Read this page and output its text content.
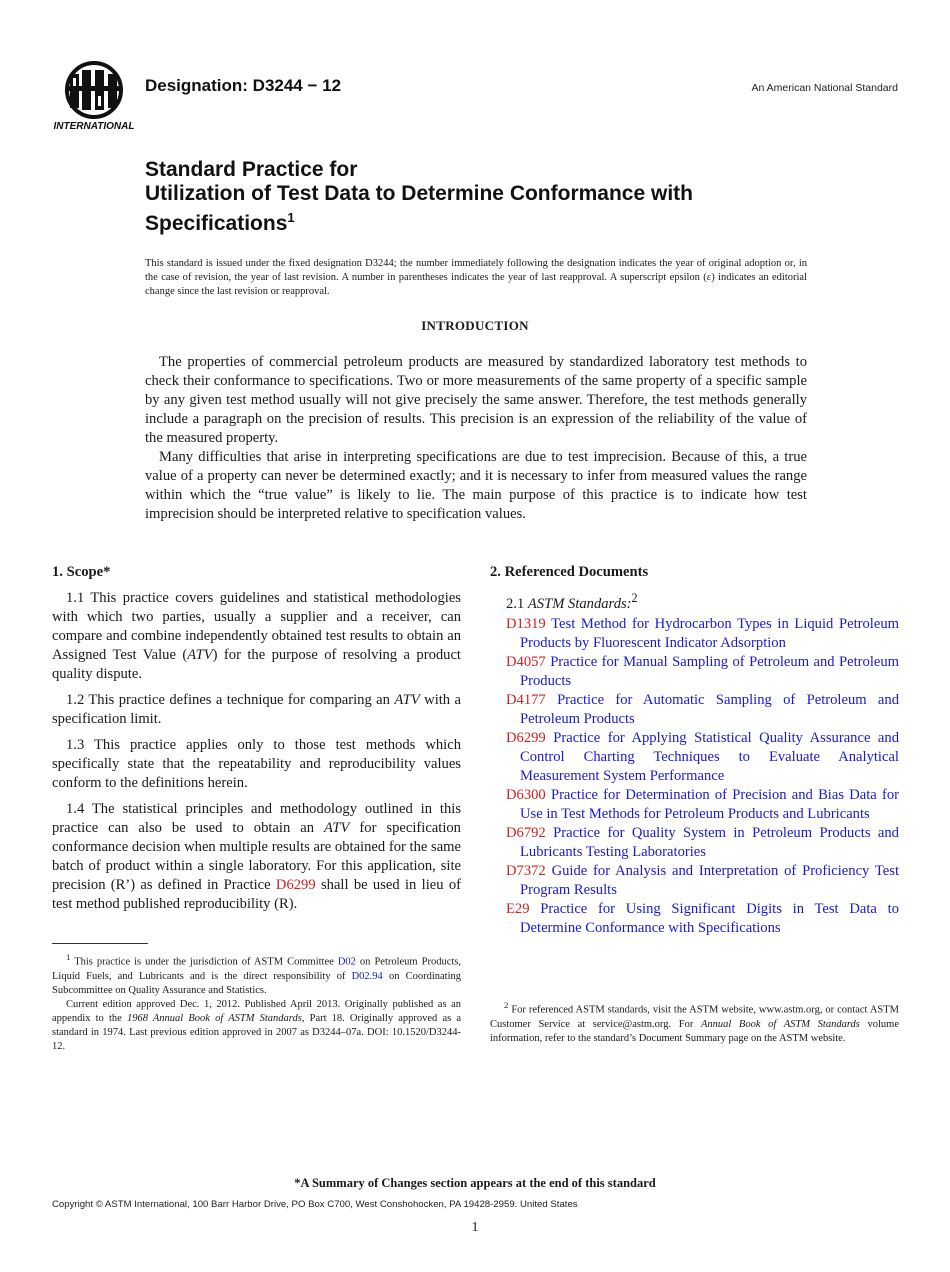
INTERNATIONAL
Designation: D3244 − 12	An American National Standard
Standard Practice for
Utilization of Test Data to Determine Conformance with
Specifications$^1$
This standard is issued under the fixed designation D3244; the number immediately following the designation indicates the year of original adoption or, in the case of revision, the year of last revision. A number in parentheses indicates the year of last reapproval. A superscript epsilon (ε) indicates an editorial change since the last revision or reapproval.
INTRODUCTION

The properties of commercial petroleum products are measured by standardized laboratory test methods to check their conformance to specifications. Two or more measurements of the same property of a specific sample by any given test method usually will not give precisely the same answer. Therefore, the test methods generally include a paragraph on the precision of results. This precision is an expression of the reliability of the value of the measured property.

Many difficulties that arise in interpreting specifications are due to test imprecision. Because of this, a true value of a property can never be determined exactly; and it is necessary to infer from measured values the range within which the “true value” is likely to lie. The main purpose of this practice is to indicate how test imprecision should be interpreted relative to specification values.

1. Scope*

1.1 This practice covers guidelines and statistical methodologies with which two parties, usually a supplier and a receiver, can compare and combine independently obtained test results to obtain an Assigned Test Value (ATV) for the purpose of resolving a product quality dispute.

1.2 This practice defines a technique for comparing an ATV with a specification limit.

1.3 This practice applies only to those test methods which specifically state that the repeatability and reproducibility values conform to the definitions herein.

1.4 The statistical principles and methodology outlined in this practice can also be used to obtain an ATV for specification conformance decision when multiple results are obtained for the same batch of product within a single laboratory. For this application, site precision (R’) as defined in Practice D6299 shall be used in lieu of test method published reproducibility (R).

2. Referenced Documents

2.1 ASTM Standards:$^2$

D1319 Test Method for Hydrocarbon Types in Liquid Petroleum Products by Fluorescent Indicator Adsorption

D4057 Practice for Manual Sampling of Petroleum and Petroleum Products

D4177 Practice for Automatic Sampling of Petroleum and Petroleum Products

D6299 Practice for Applying Statistical Quality Assurance and Control Charting Techniques to Evaluate Analytical Measurement System Performance

D6300 Practice for Determination of Precision and Bias Data for Use in Test Methods for Petroleum Products and Lubricants

D6792 Practice for Quality System in Petroleum Products and Lubricants Testing Laboratories

D7372 Guide for Analysis and Interpretation of Proficiency Test Program Results

E29 Practice for Using Significant Digits in Test Data to Determine Conformance with Specifications

$^1$ This practice is under the jurisdiction of ASTM Committee D02 on Petroleum Products, Liquid Fuels, and Lubricants and is the direct responsibility of D02.94 on Coordinating Subcommittee on Quality Assurance and Statistics.

Current edition approved Dec. 1, 2012. Published April 2013. Originally published as an appendix to the 1968 Annual Book of ASTM Standards, Part 18. Originally approved as a standard in 1974. Last previous edition approved in 2007 as D3244–07a. DOI: 10.1520/D3244-12.

$^2$ For referenced ASTM standards, visit the ASTM website, www.astm.org, or contact ASTM Customer Service at service@astm.org. For Annual Book of ASTM Standards volume information, refer to the standard’s Document Summary page on the ASTM website.

*A Summary of Changes section appears at the end of this standard
Copyright © ASTM International, 100 Barr Harbor Drive, PO Box C700, West Conshohocken, PA 19428-2959. United States
1
